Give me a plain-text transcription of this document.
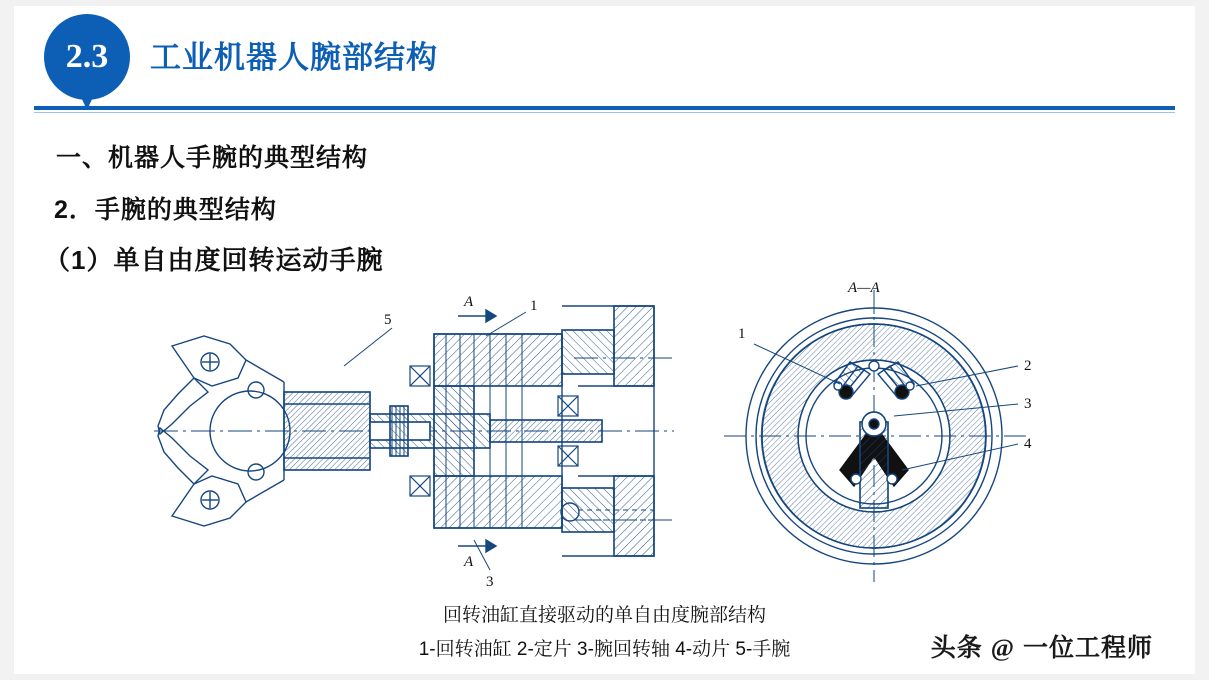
2.3	工业机器人腕部结构
一、机器人手腕的典型结构
2．手腕的典型结构
（1）单自由度回转运动手腕
5
1
3
A
A
A—A
1
2
3
4
回转油缸直接驱动的单自由度腕部结构
1-回转油缸 2-定片 3-腕回转轴 4-动片 5-手腕	头条 @ 一位工程师
